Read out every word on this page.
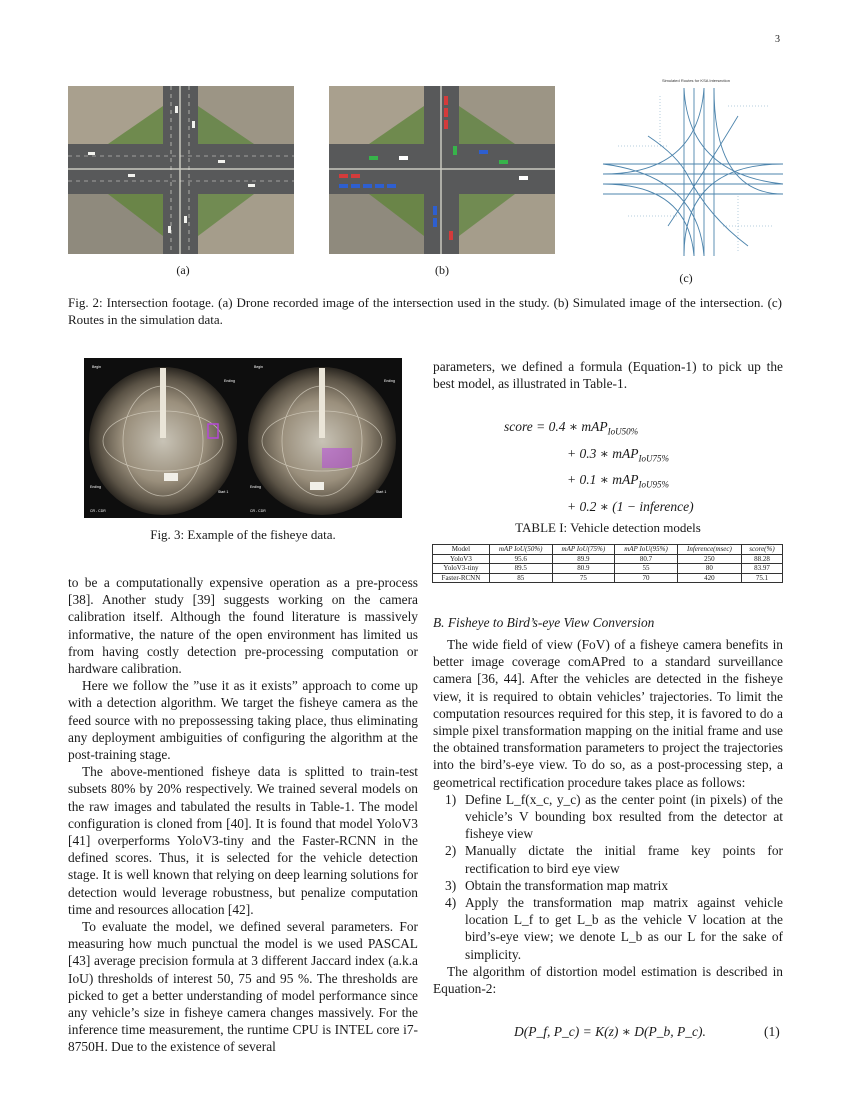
3
(a)	(b)
Simulated Routes for KSA Intersection
(c)
Fig. 2: Intersection footage. (a) Drone recorded image of the intersection used in the study. (b) Simulated image of the intersection. (c) Routes in the simulation data.
Begin
Ending
Begin
Ending
Ending
Start 1
Ending
Start 1
CR - CDR	CR - CDR
Fig. 3: Example of the fisheye data.

to be a computationally expensive operation as a pre-process [38]. Another study [39] suggests working on the camera calibration itself. Although the found literature is massively informative, the nature of the open environment has limited us from having costly detection pre-processing computation or hardware calibration.

Here we follow the ”use it as it exists” approach to come up with a detection algorithm. We target the fisheye camera as the feed source with no prepossessing taking place, thus eliminating any deployment ambiguities of configuring the algorithm at the post-training stage.

The above-mentioned fisheye data is splitted to train-test subsets 80% by 20% respectively. We trained several models on the raw images and tabulated the results in Table-1. The model configuration is cloned from [40]. It is found that model YoloV3 [41] overperforms YoloV3-tiny and the Faster-RCNN in the defined scores. Thus, it is selected for the vehicle detection stage. It is well known that relying on deep learning solutions for detection would leverage robustness, but penalize computation time and resources allocation [42].

To evaluate the model, we defined several parameters. For measuring how much punctual the model is we used PASCAL [43] average precision formula at 3 different Jaccard index (a.k.a IoU) thresholds of interest 50, 75 and 95 %. The thresholds are picked to get a better understanding of model performance since any vehicle’s size in fisheye camera changes massively. For the inference time measurement, the runtime CPU is INTEL core i7-8750H. Due to the existence of several

parameters, we defined a formula (Equation-1) to pick up the best model, as illustrated in Table-1.

score = 0.4 ∗ mAP$_{IoU50\%}$
+ 0.3 ∗ mAP$_{IoU75\%}$
+ 0.1 ∗ mAP$_{IoU95\%}$
+ 0.2 ∗ (1 − inference)
TABLE I: Vehicle detection models
Model	mAP IoU(50%)	mAP IoU(75%)	mAP IoU(95%)	Inference(msec)	score(%)
YoloV3	95.6	89.9	80.7	250	88.28
YoloV3-tiny	89.5	80.9	55	80	83.97
Faster-RCNN	85	75	70	420	75.1
B. Fisheye to Bird’s-eye View Conversion

The wide field of view (FoV) of a fisheye camera benefits in better image coverage comAPred to a standard surveillance camera [36, 44]. After the vehicles are detected in the fisheye view, it is required to obtain vehicles’ trajectories. To limit the computation resources required for this step, it is favored to do a simple pixel transformation mapping on the initial frame and use the obtained transformation parameters to project the trajectories into the bird’s-eye view. To do so, as a post-processing step, a geometrical rectification procedure takes place as follows:

1) Define L_f(x_c, y_c) as the center point (in pixels) of the vehicle’s V bounding box resulted from the detector at fisheye view
2) Manually dictate the initial frame key points for rectification to bird eye view
3) Obtain the transformation map matrix
4) Apply the transformation map matrix against vehicle location L_f to get L_b as the vehicle V location at the bird’s-eye view; we denote L_b as our L for the sake of simplicity.

The algorithm of distortion model estimation is described in Equation-2:

D(P_f, P_c) = K(z) ∗ D(P_b, P_c).	(1)
